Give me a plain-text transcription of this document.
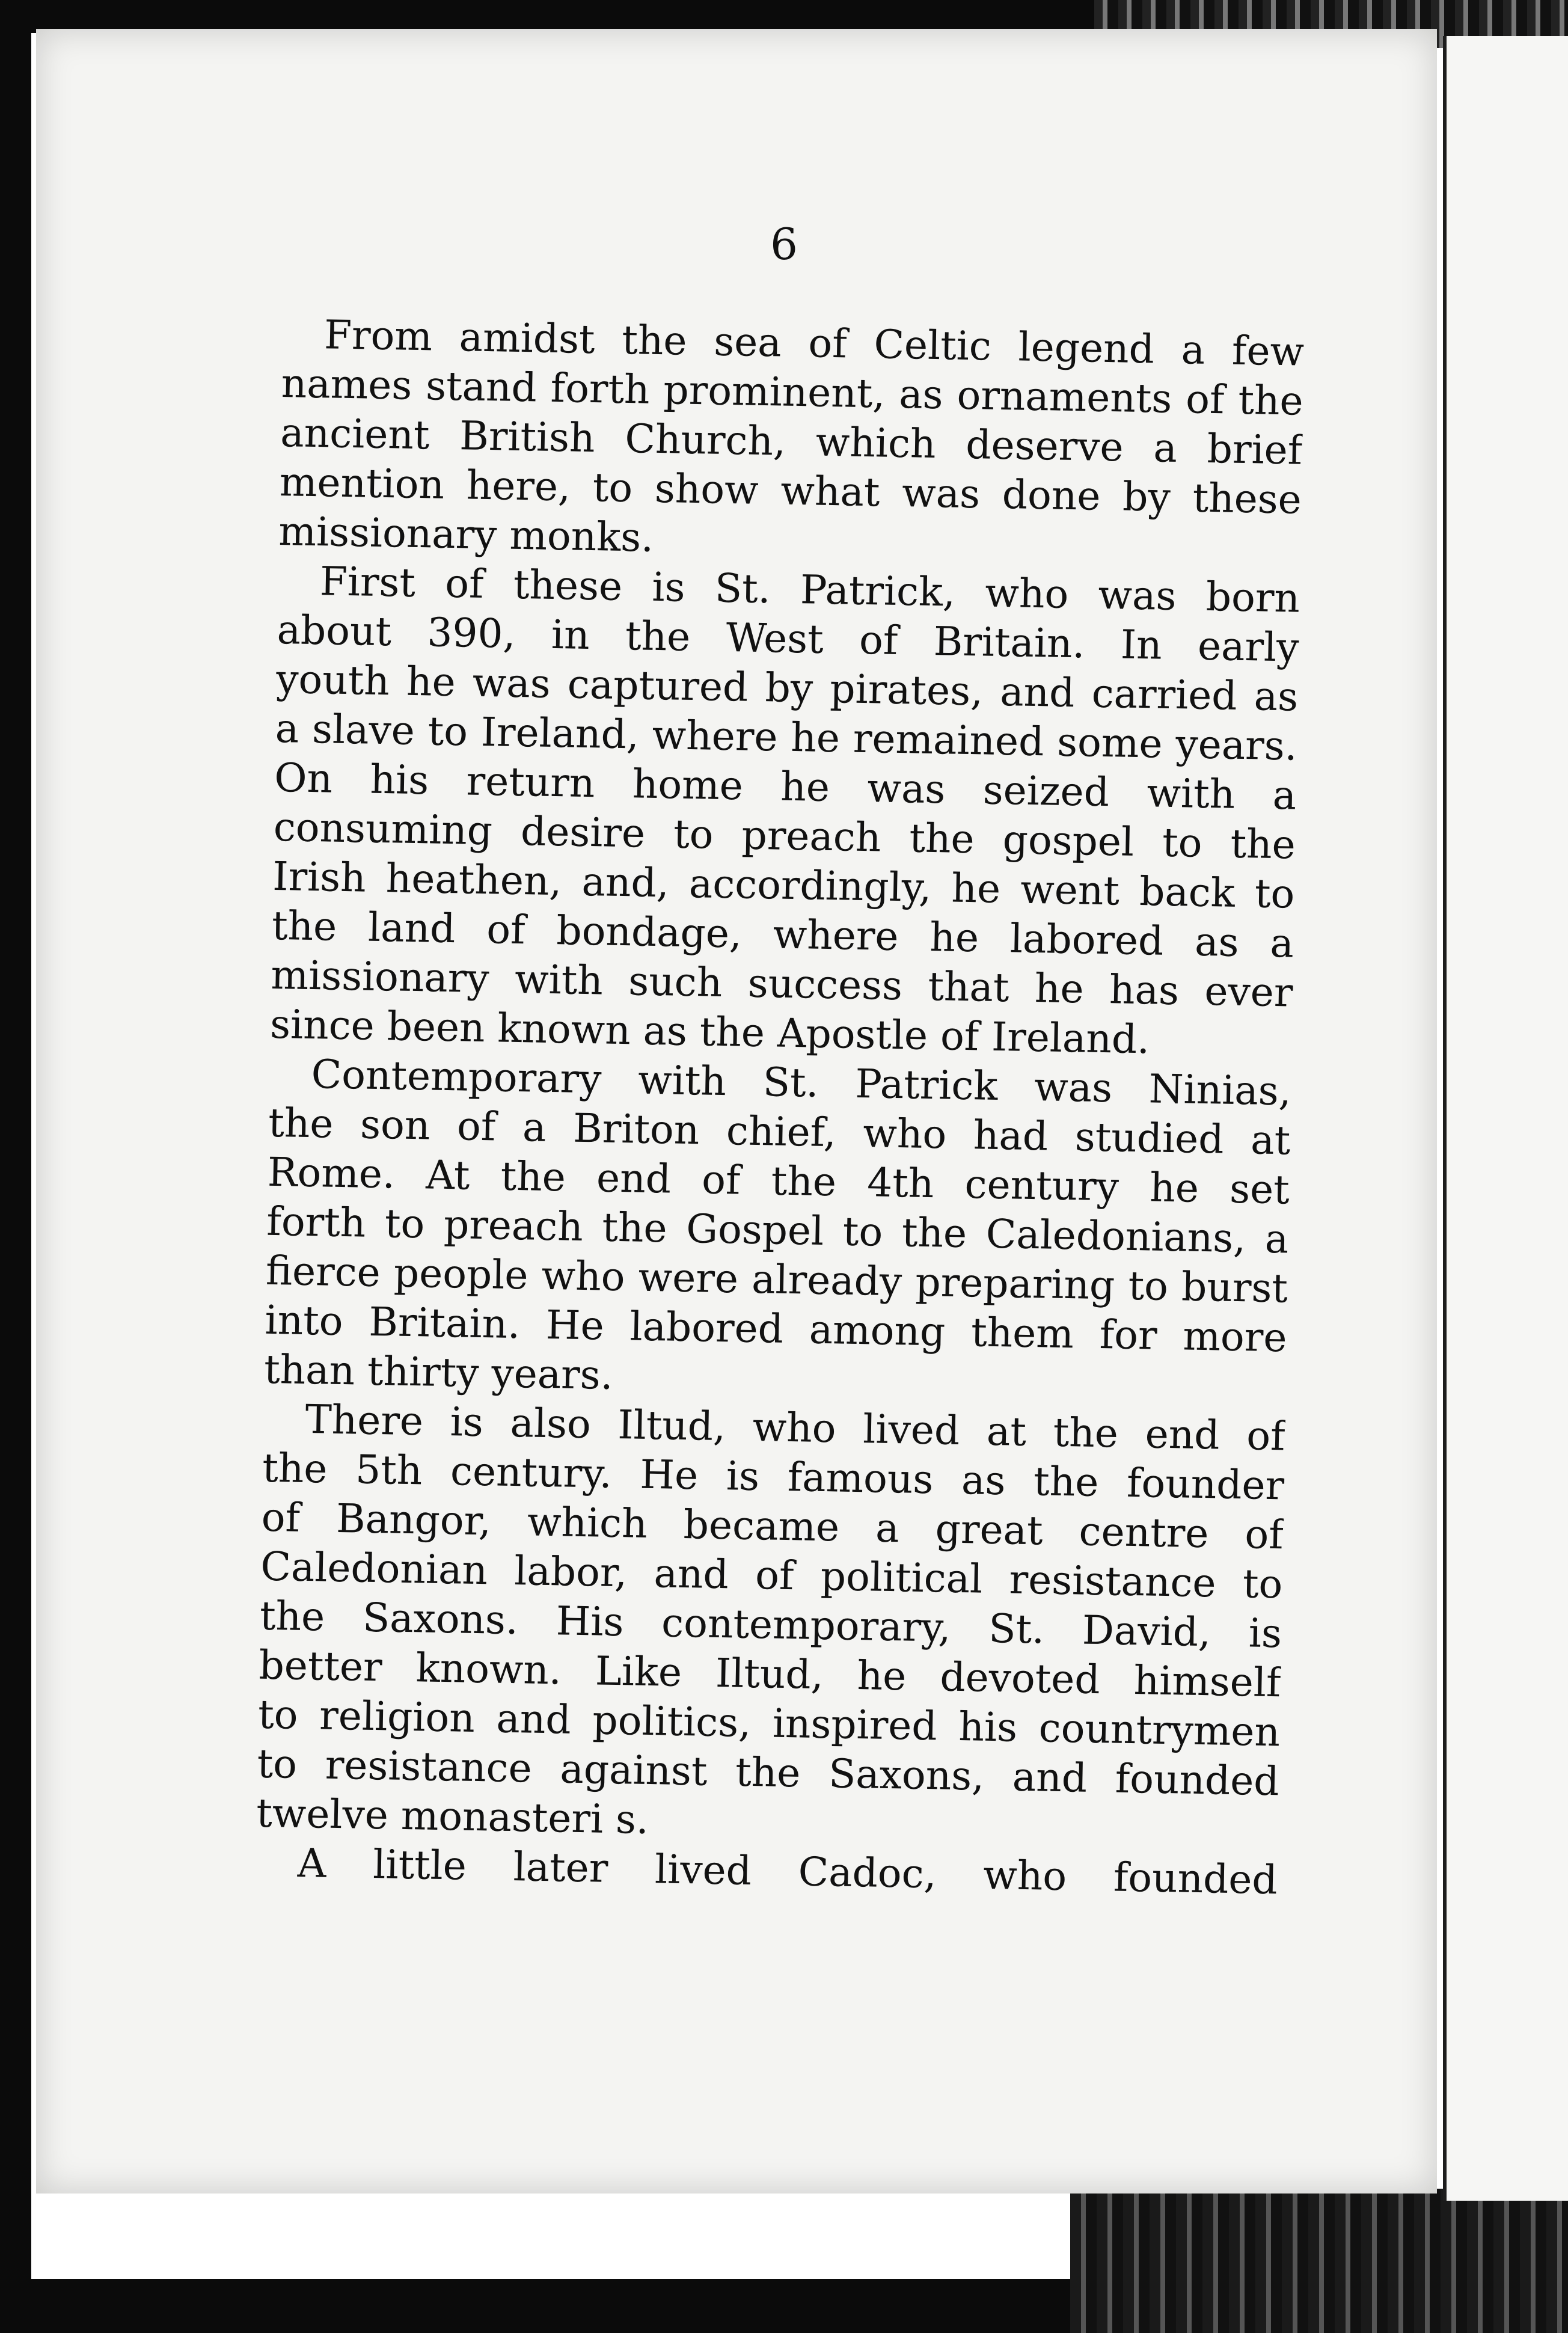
6
From amidst the sea of Celtic legend a few
names stand forth prominent, as ornaments of the
ancient British Church, which deserve a brief
mention here, to show what was done by these
missionary monks.
First of these is St. Patrick, who was born
about 390, in the West of Britain. In early
youth he was captured by pirates, and carried as
a slave to Ireland, where he remained some years.
On his return home he was seized with a
consuming desire to preach the gospel to the
Irish heathen, and, accordingly, he went back to
the land of bondage, where he labored as a
missionary with such success that he has ever
since been known as the Apostle of Ireland.
Contemporary with St. Patrick was Ninias,
the son of a Briton chief, who had studied at
Rome. At the end of the 4th century he set
forth to preach the Gospel to the Caledonians, a
fierce people who were already preparing to burst
into Britain. He labored among them for more
than thirty years.
There is also Iltud, who lived at the end of
the 5th century. He is famous as the founder
of Bangor, which became a great centre of
Caledonian labor, and of political resistance to
the Saxons. His contemporary, St. David, is
better known. Like Iltud, he devoted himself
to religion and politics, inspired his countrymen
to resistance against the Saxons, and founded
twelve monasteri s.
A little later lived Cadoc, who founded
